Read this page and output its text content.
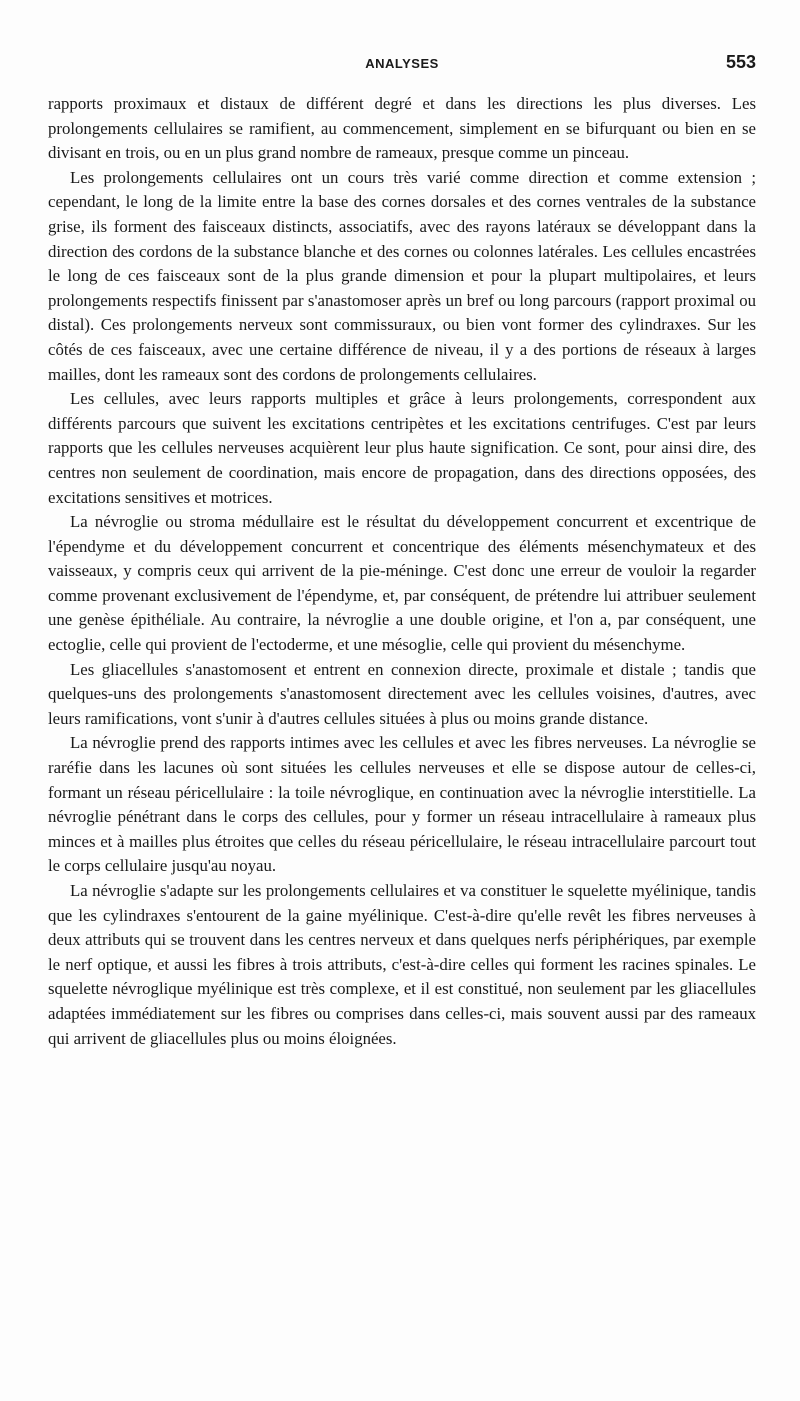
ANALYSES	553

rapports proximaux et distaux de différent degré et dans les directions les plus diverses. Les prolongements cellulaires se ramifient, au commencement, simplement en se bifurquant ou bien en se divisant en trois, ou en un plus grand nombre de rameaux, presque comme un pinceau.

Les prolongements cellulaires ont un cours très varié comme direction et comme extension ; cependant, le long de la limite entre la base des cornes dorsales et des cornes ventrales de la substance grise, ils forment des faisceaux distincts, associatifs, avec des rayons latéraux se développant dans la direction des cordons de la substance blanche et des cornes ou colonnes latérales. Les cellules encastrées le long de ces faisceaux sont de la plus grande dimension et pour la plupart multipolaires, et leurs prolongements respectifs finissent par s'anastomoser après un bref ou long parcours (rapport proximal ou distal). Ces prolongements nerveux sont commissuraux, ou bien vont former des cylindraxes. Sur les côtés de ces faisceaux, avec une certaine différence de niveau, il y a des portions de réseaux à larges mailles, dont les rameaux sont des cordons de prolongements cellulaires.

Les cellules, avec leurs rapports multiples et grâce à leurs prolongements, correspondent aux différents parcours que suivent les excitations centripètes et les excitations centrifuges. C'est par leurs rapports que les cellules nerveuses acquièrent leur plus haute signification. Ce sont, pour ainsi dire, des centres non seulement de coordination, mais encore de propagation, dans des directions opposées, des excitations sensitives et motrices.

La névroglie ou stroma médullaire est le résultat du développement concurrent et excentrique de l'épendyme et du développement concurrent et concentrique des éléments mésenchymateux et des vaisseaux, y compris ceux qui arrivent de la pie-méninge. C'est donc une erreur de vouloir la regarder comme provenant exclusivement de l'épendyme, et, par conséquent, de prétendre lui attribuer seulement une genèse épithéliale. Au contraire, la névroglie a une double origine, et l'on a, par conséquent, une ectoglie, celle qui provient de l'ectoderme, et une mésoglie, celle qui provient du mésenchyme.

Les gliacellules s'anastomosent et entrent en connexion directe, proximale et distale ; tandis que quelques-uns des prolongements s'anastomosent directement avec les cellules voisines, d'autres, avec leurs ramifications, vont s'unir à d'autres cellules situées à plus ou moins grande distance.

La névroglie prend des rapports intimes avec les cellules et avec les fibres nerveuses. La névroglie se raréfie dans les lacunes où sont situées les cellules nerveuses et elle se dispose autour de celles-ci, formant un réseau péricellulaire : la toile névroglique, en continuation avec la névroglie interstitielle. La névroglie pénétrant dans le corps des cellules, pour y former un réseau intracellulaire à rameaux plus minces et à mailles plus étroites que celles du réseau péricellulaire, le réseau intracellulaire parcourt tout le corps cellulaire jusqu'au noyau.

La névroglie s'adapte sur les prolongements cellulaires et va constituer le squelette myélinique, tandis que les cylindraxes s'entourent de la gaine myélinique. C'est-à-dire qu'elle revêt les fibres nerveuses à deux attributs qui se trouvent dans les centres nerveux et dans quelques nerfs périphériques, par exemple le nerf optique, et aussi les fibres à trois attributs, c'est-à-dire celles qui forment les racines spinales. Le squelette névroglique myélinique est très complexe, et il est constitué, non seulement par les gliacellules adaptées immédiatement sur les fibres ou comprises dans celles-ci, mais souvent aussi par des rameaux qui arrivent de gliacellules plus ou moins éloignées.
